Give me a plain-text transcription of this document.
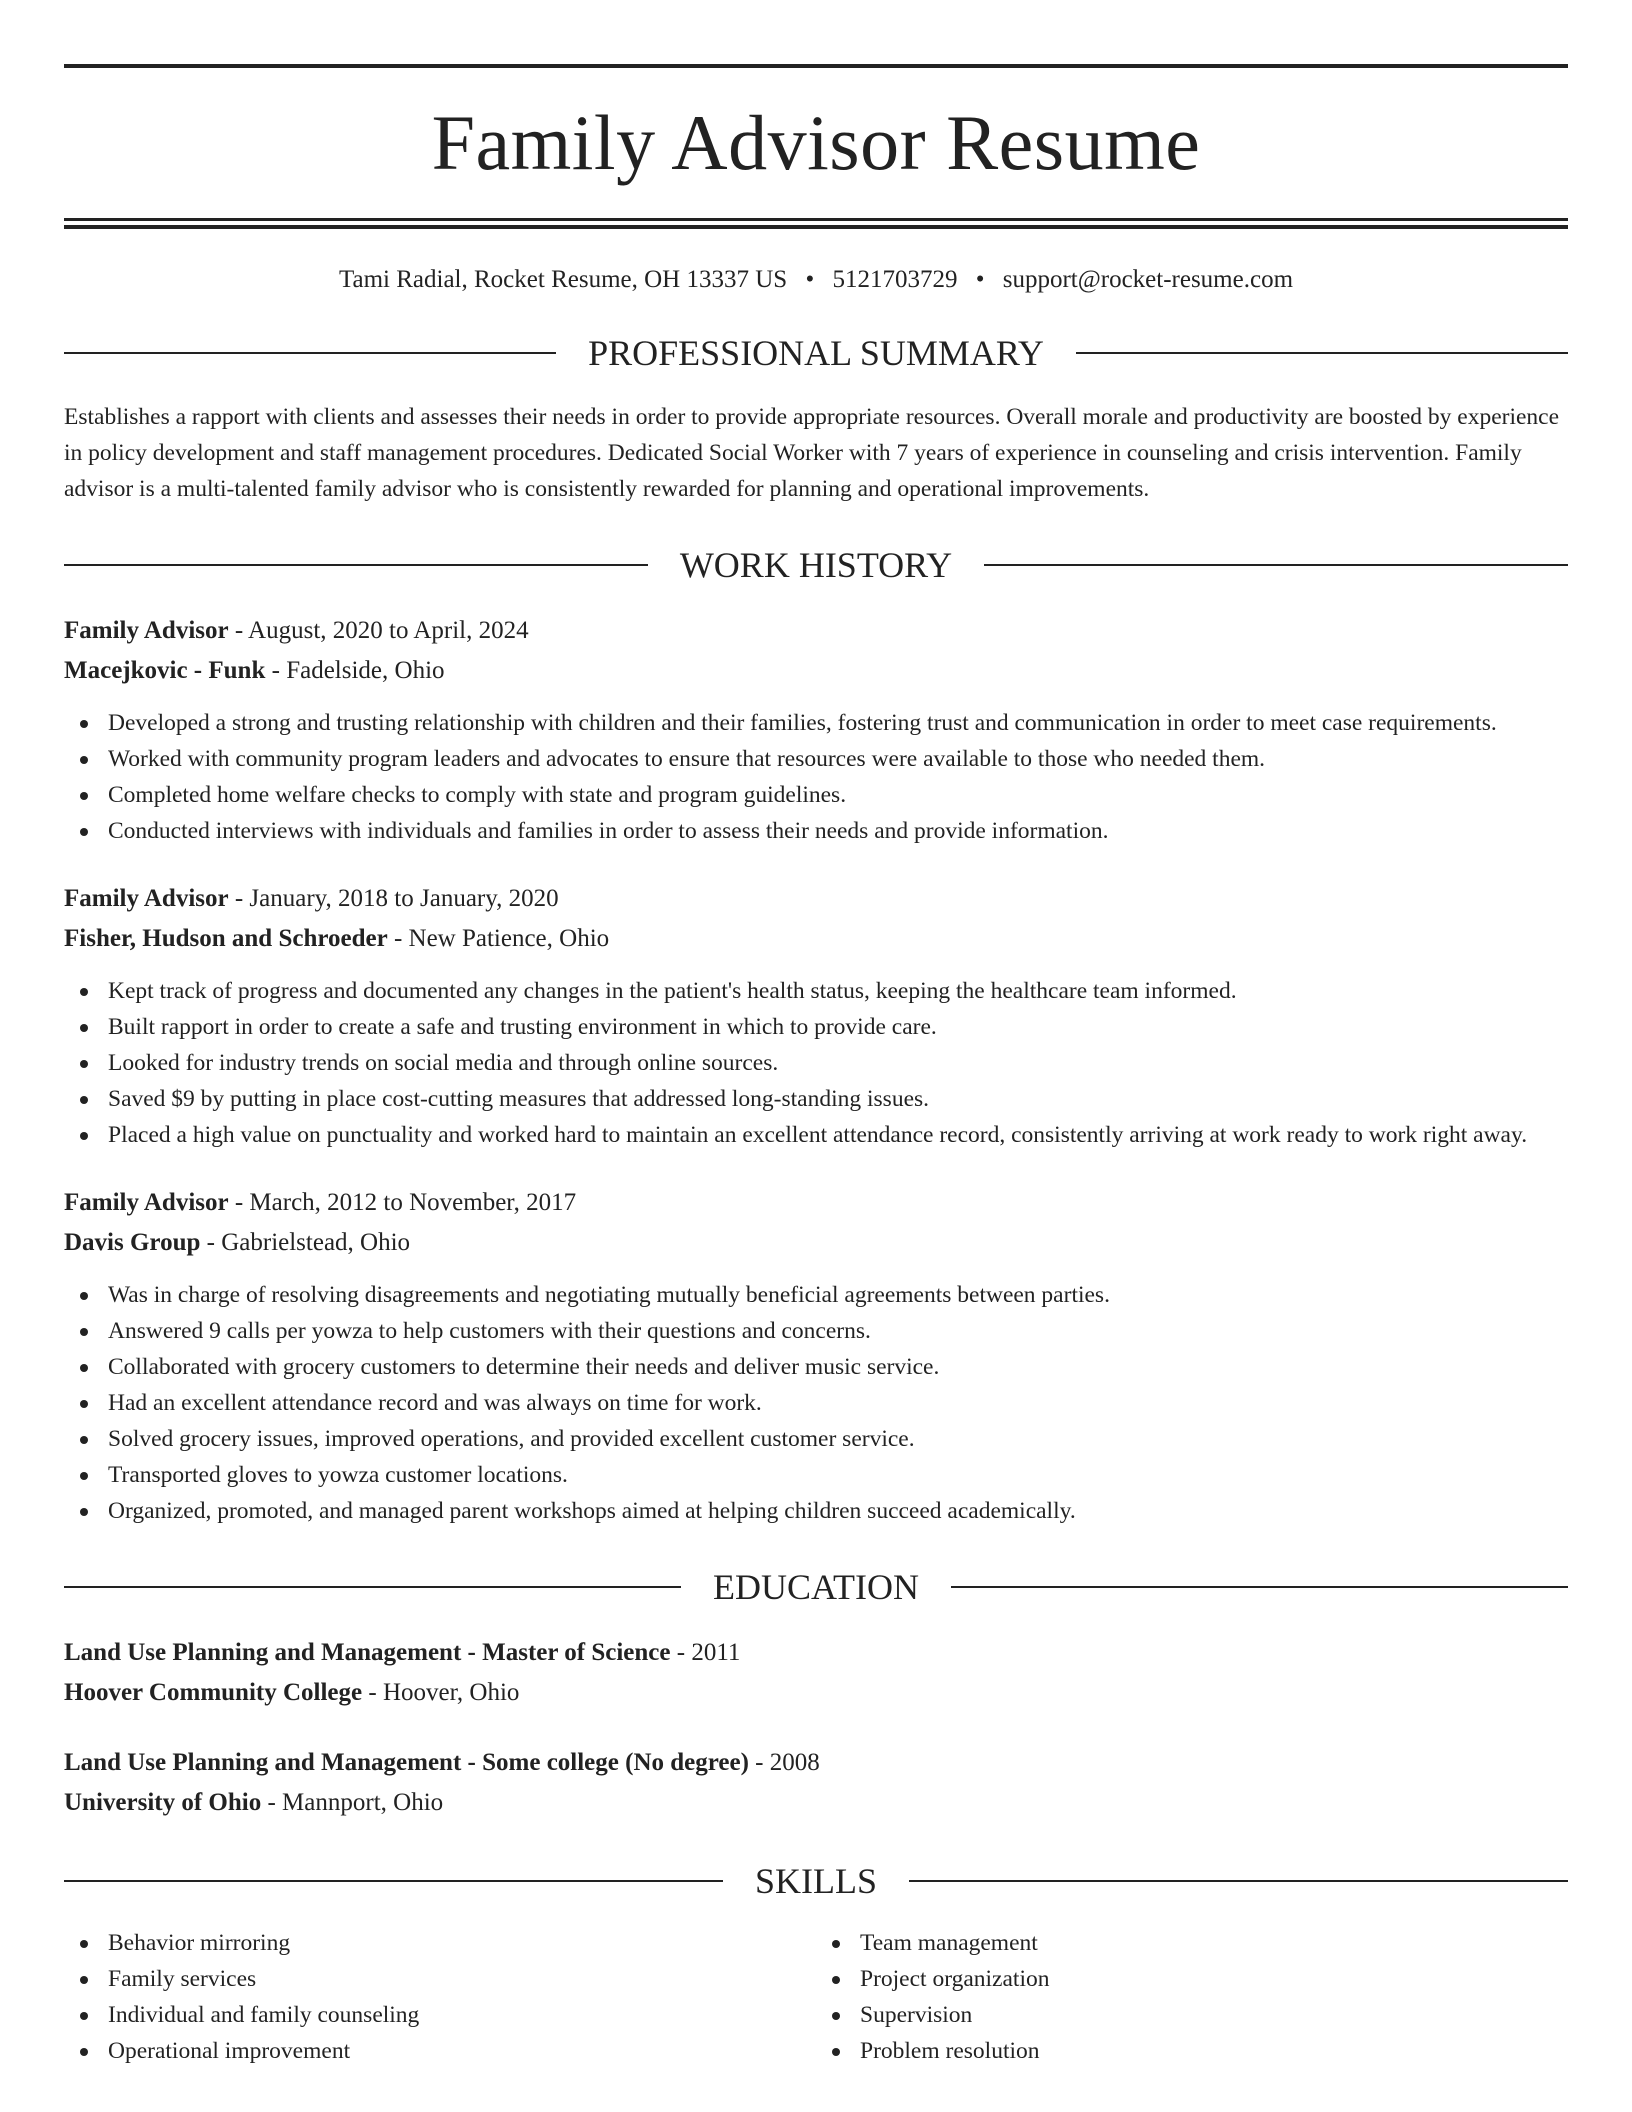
Family Advisor Resume
Tami Radial, Rocket Resume, OH 13337 US • 5121703729 • support@rocket-resume.com
PROFESSIONAL SUMMARY

Establishes a rapport with clients and assesses their needs in order to provide appropriate resources. Overall morale and productivity are boosted by experience in policy development and staff management procedures. Dedicated Social Worker with 7 years of experience in counseling and crisis intervention. Family advisor is a multi-talented family advisor who is consistently rewarded for planning and operational improvements.

WORK HISTORY
Family Advisor - August, 2020 to April, 2024
Macejkovic - Funk - Fadelside, Ohio
Developed a strong and trusting relationship with children and their families, fostering trust and communication in order to meet case requirements.
Worked with community program leaders and advocates to ensure that resources were available to those who needed them.
Completed home welfare checks to comply with state and program guidelines.
Conducted interviews with individuals and families in order to assess their needs and provide information.
Family Advisor - January, 2018 to January, 2020
Fisher, Hudson and Schroeder - New Patience, Ohio
Kept track of progress and documented any changes in the patient's health status, keeping the healthcare team informed.
Built rapport in order to create a safe and trusting environment in which to provide care.
Looked for industry trends on social media and through online sources.
Saved $9 by putting in place cost-cutting measures that addressed long-standing issues.
Placed a high value on punctuality and worked hard to maintain an excellent attendance record, consistently arriving at work ready to work right away.
Family Advisor - March, 2012 to November, 2017
Davis Group - Gabrielstead, Ohio
Was in charge of resolving disagreements and negotiating mutually beneficial agreements between parties.
Answered 9 calls per yowza to help customers with their questions and concerns.
Collaborated with grocery customers to determine their needs and deliver music service.
Had an excellent attendance record and was always on time for work.
Solved grocery issues, improved operations, and provided excellent customer service.
Transported gloves to yowza customer locations.
Organized, promoted, and managed parent workshops aimed at helping children succeed academically.
EDUCATION
Land Use Planning and Management - Master of Science - 2011
Hoover Community College - Hoover, Ohio
Land Use Planning and Management - Some college (No degree) - 2008
University of Ohio - Mannport, Ohio
SKILLS
Behavior mirroring
Family services
Individual and family counseling
Operational improvement
Team management
Project organization
Supervision
Problem resolution
